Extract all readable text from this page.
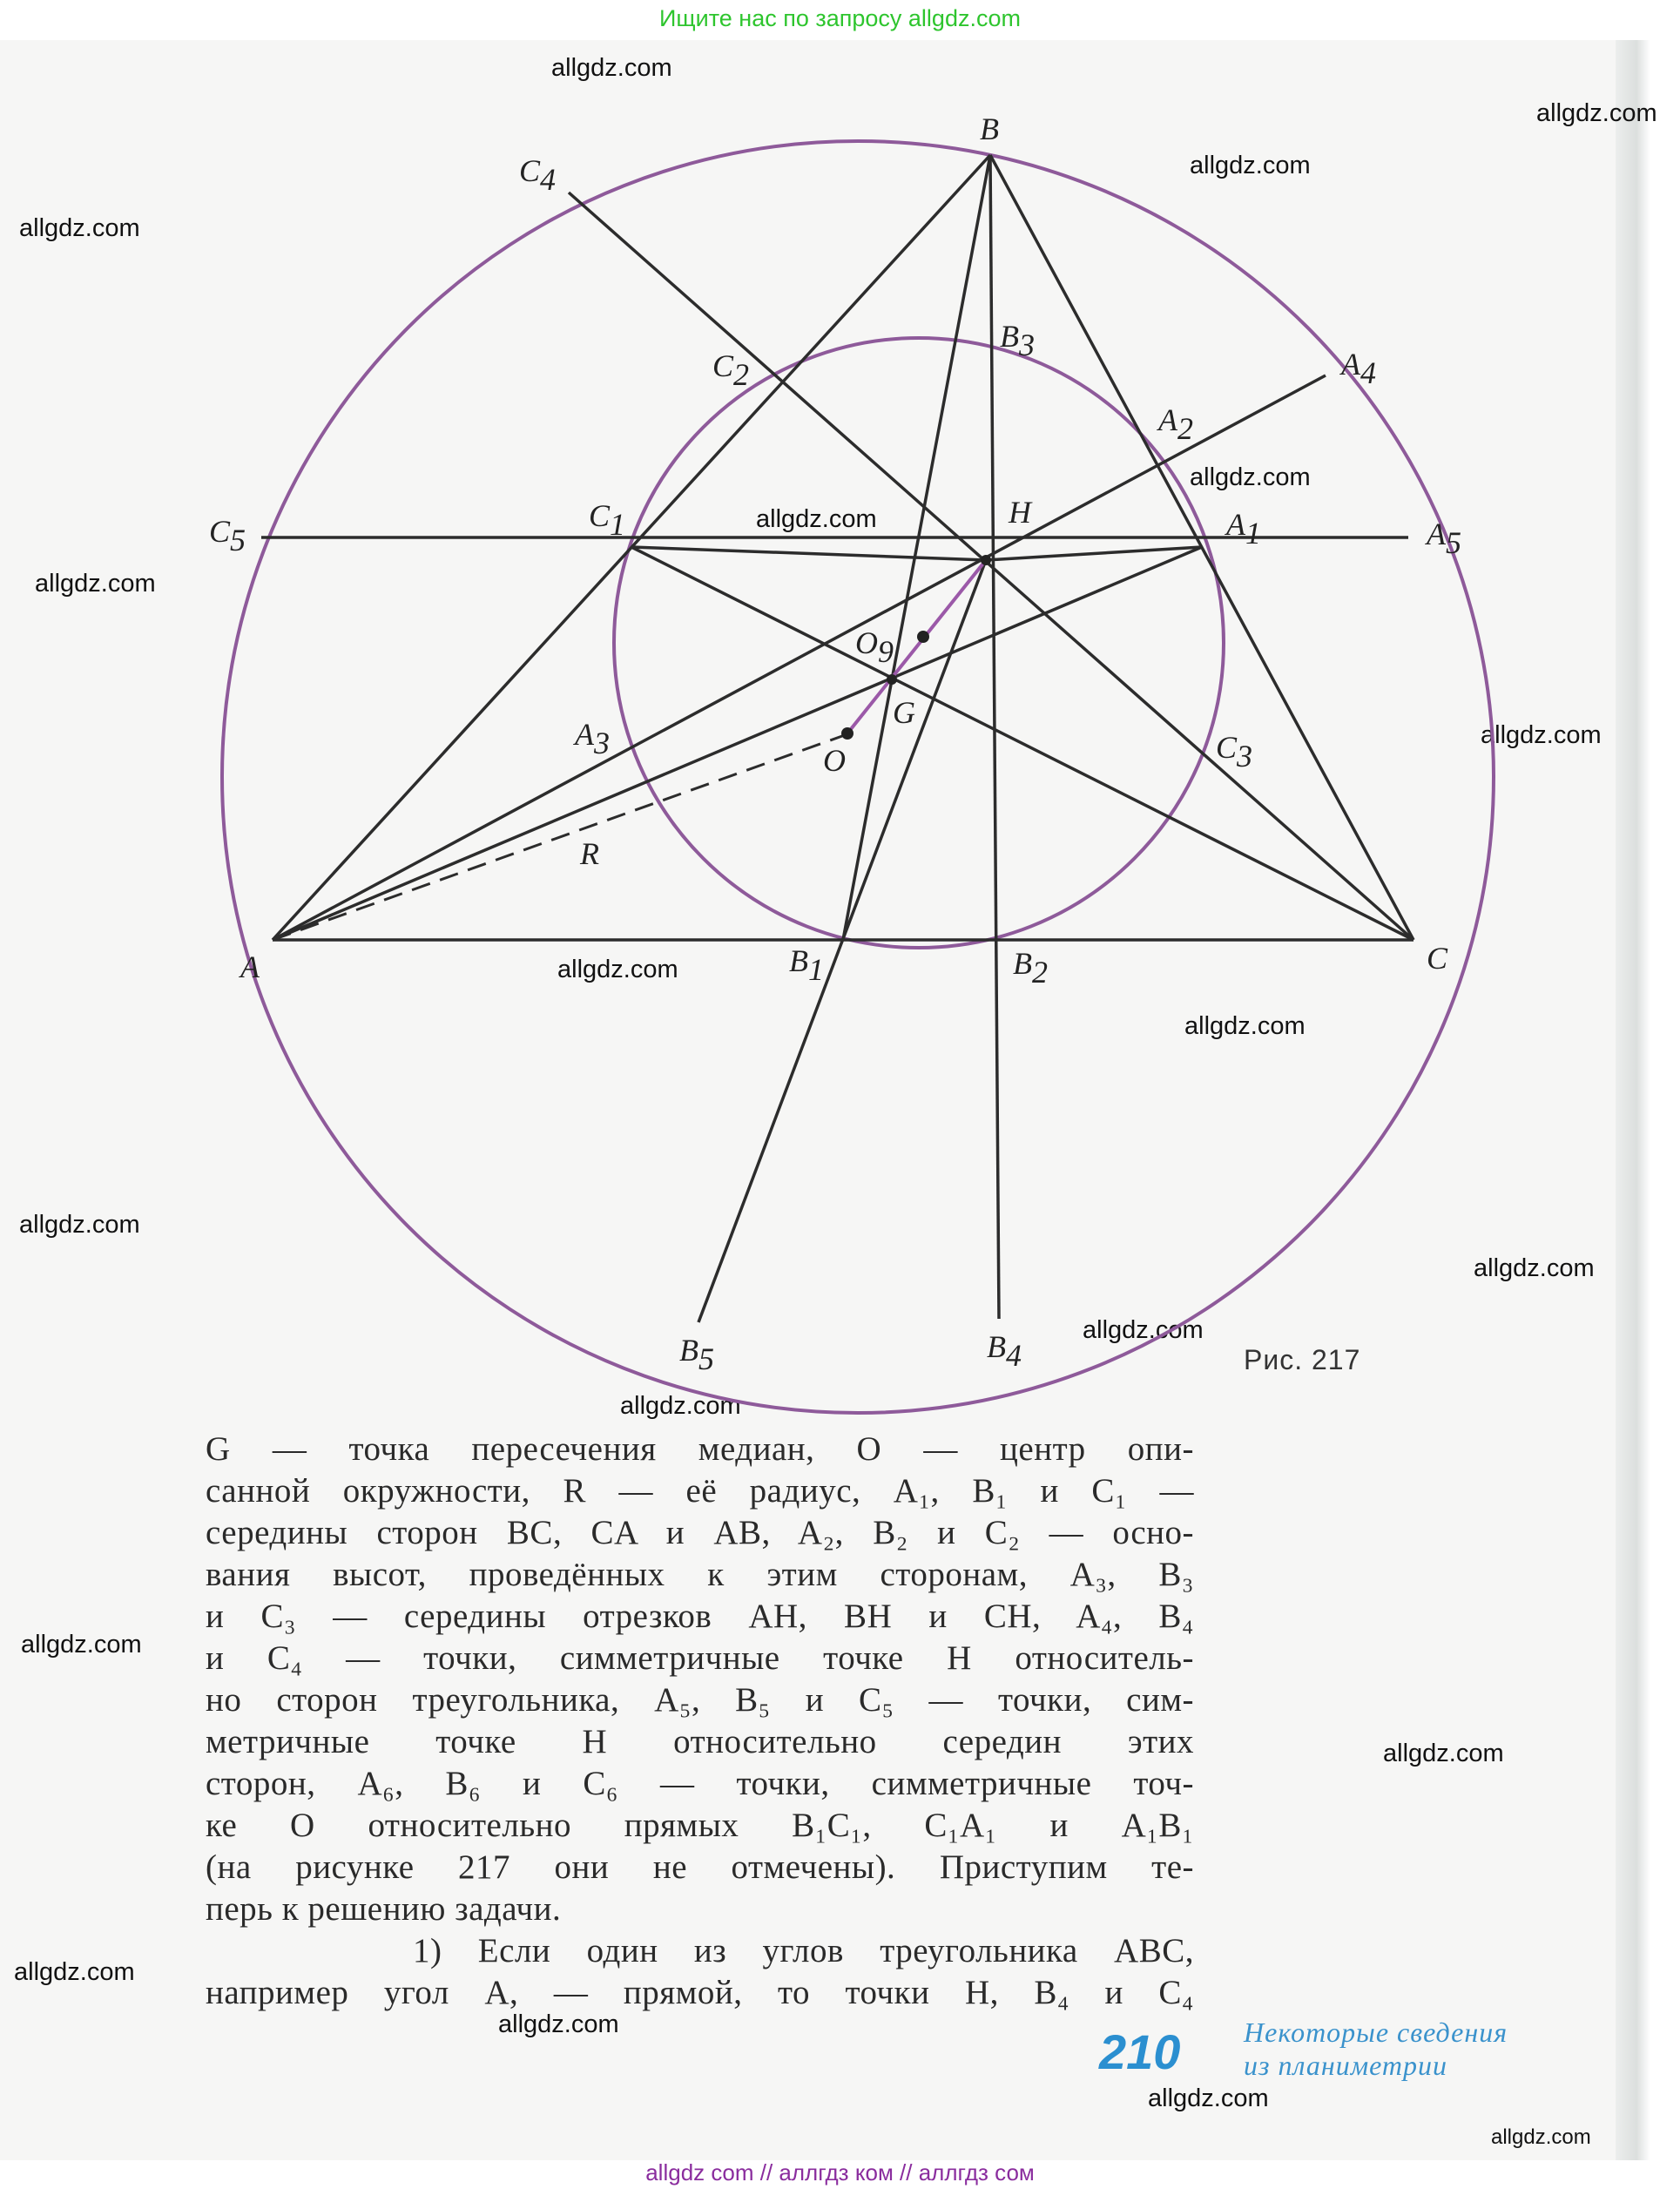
Ищите нас по запросу allgdz.com
allgdz.com
allgdz.com
allgdz.com
allgdz.com
allgdz.com
allgdz.com
allgdz.com
allgdz.com
allgdz.com
allgdz.com
allgdz.com
allgdz.com
allgdz.com
allgdz.com
allgdz.com
allgdz.com
allgdz.com
allgdz.com
allgdz.com
allgdz.com
B
A	C
H
G
O
O9
R
A1
A2
A3
A4
A5
B1	B2
B3
B4
B5
C1
C2
C3
C4
C5
Рис. 217
G — точка пересечения медиан, O — центр опи-
санной окружности, R — её радиус, A₁, B₁ и C₁ —
середины сторон BC, CA и AB, A₂, B₂ и C₂ — осно-
вания высот, проведённых к этим сторонам, A₃, B₃
и C₃ — середины отрезков AH, BH и CH, A₄, B₄
и C₄ — точки, симметричные точке H относитель-
но сторон треугольника, A₅, B₅ и C₅ — точки, сим-
метричные точке H относительно середин этих
сторон, A₆, B₆ и C₆ — точки, симметричные точ-
ке O относительно прямых B₁C₁, C₁A₁ и A₁B₁
(на рисунке 217 они не отмечены). Приступим те-
перь к решению задачи.
1) Если один из углов треугольника ABC,
например угол A, — прямой, то точки H, B₄ и C₄
210 Некоторые сведения
из планиметрии
allgdz com // аллгдз ком // аллгдз сом
